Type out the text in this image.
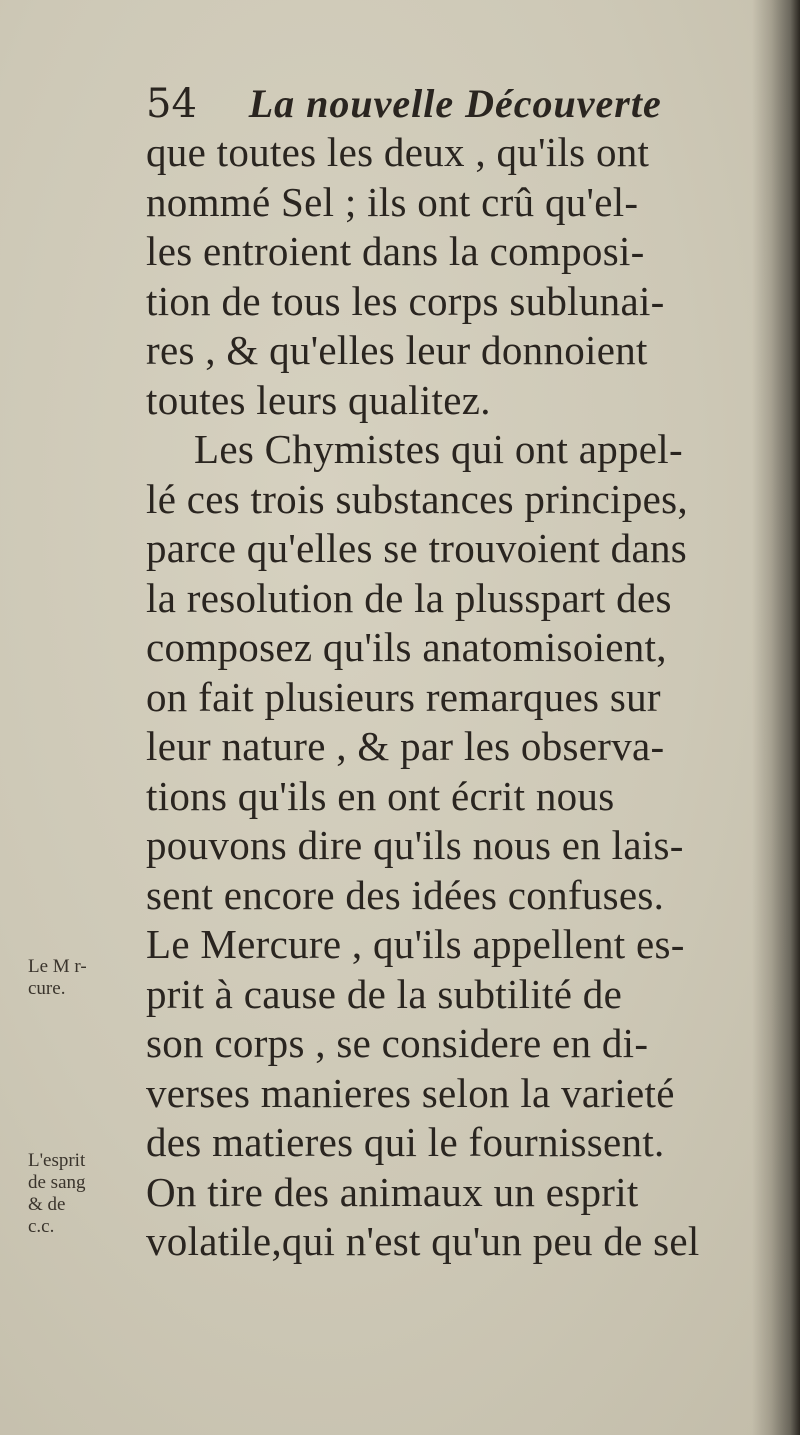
54 La nouvelle Découverte
que toutes les deux , qu'ils ont
nommé Sel ; ils ont crû qu'el-
les entroient dans la composi-
tion de tous les corps sublunai-
res , & qu'elles leur donnoient
toutes leurs qualitez.
Les Chymistes qui ont appel-
lé ces trois substances principes,
parce qu'elles se trouvoient dans
la resolution de la plusspart des
composez qu'ils anatomisoient,
on fait plusieurs remarques sur
leur nature , & par les observa-
tions qu'ils en ont écrit nous
pouvons dire qu'ils nous en lais-
sent encore des idées confuses.
Le Mercure , qu'ils appellent es-
prit à cause de la subtilité de
son corps , se considere en di-
verses manieres selon la varieté
des matieres qui le fournissent.
On tire des animaux un esprit
volatile,qui n'est qu'un peu de sel
Le M r-
cure.
L'esprit
de sang
& de
c.c.
